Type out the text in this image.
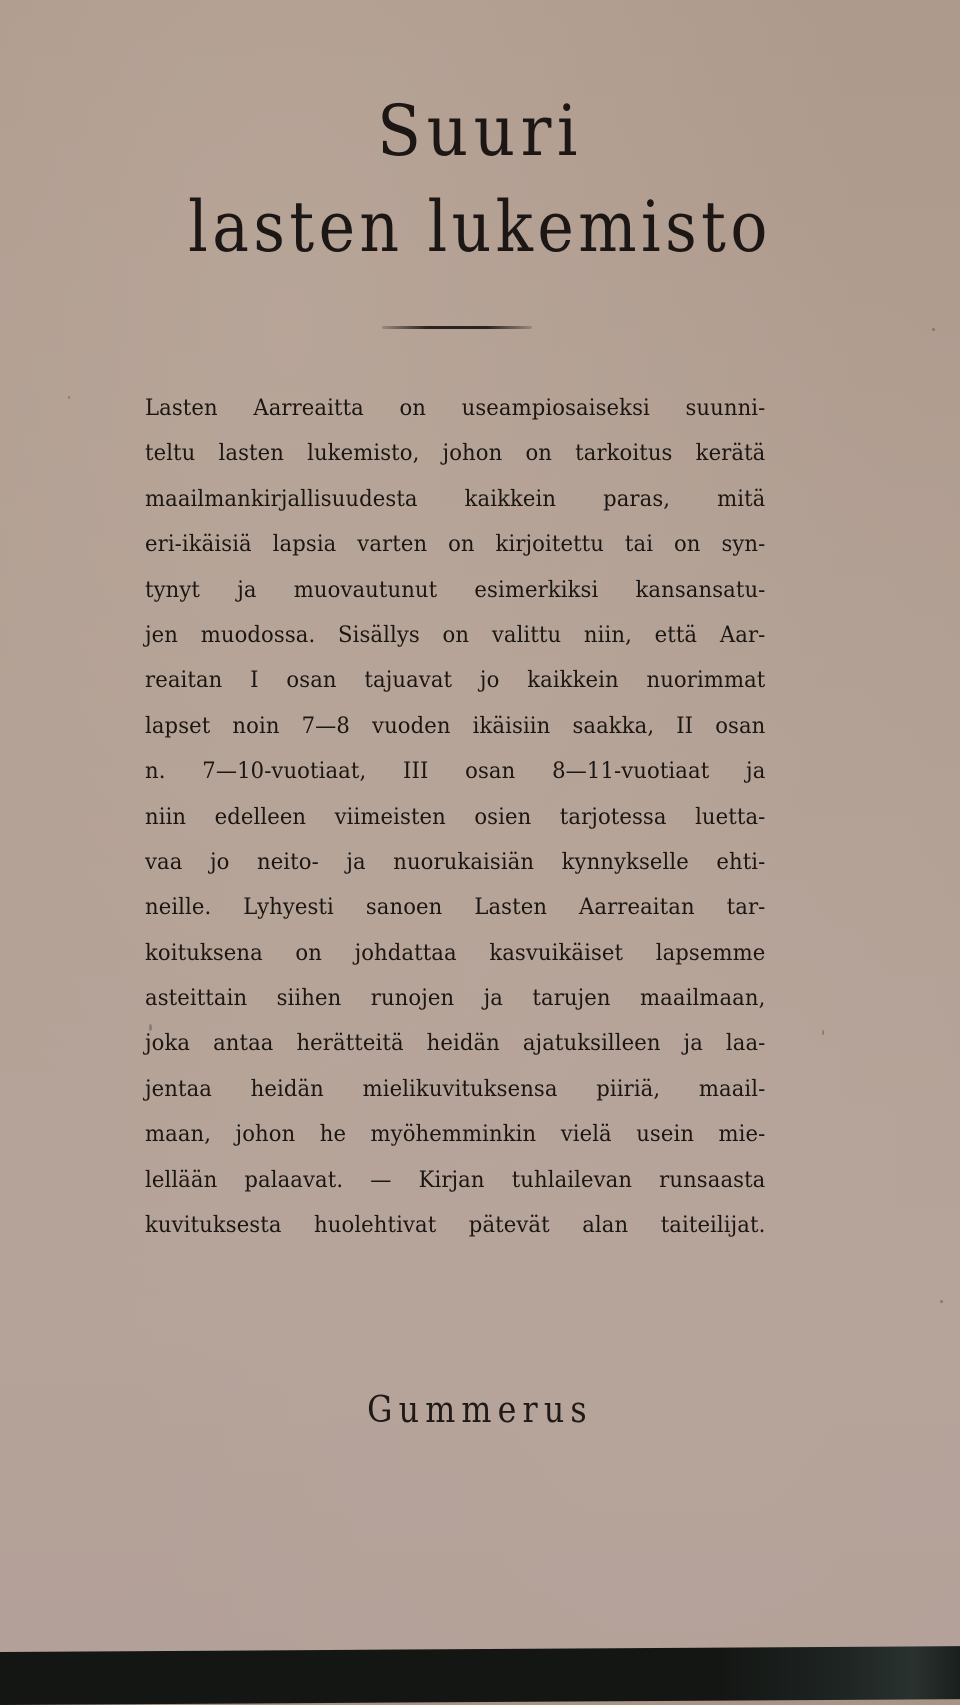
Suuri
lasten lukemisto
Lasten Aarreaitta on useampiosaiseksi suunni-
teltu lasten lukemisto, johon on tarkoitus kerätä
maailmankirjallisuudesta kaikkein paras, mitä
eri-ikäisiä lapsia varten on kirjoitettu tai on syn-
tynyt ja muovautunut esimerkiksi kansansatu-
jen muodossa. Sisällys on valittu niin, että Aar-
reaitan I osan tajuavat jo kaikkein nuorimmat
lapset noin 7—8 vuoden ikäisiin saakka, II osan
n. 7—10-vuotiaat, III osan 8—11-vuotiaat ja
niin edelleen viimeisten osien tarjotessa luetta-
vaa jo neito- ja nuorukaisiän kynnykselle ehti-
neille. Lyhyesti sanoen Lasten Aarreaitan tar-
koituksena on johdattaa kasvuikäiset lapsemme
asteittain siihen runojen ja tarujen maailmaan,
joka antaa herätteitä heidän ajatuksilleen ja laa-
jentaa heidän mielikuvituksensa piiriä, maail-
maan, johon he myöhemminkin vielä usein mie-
lellään palaavat. — Kirjan tuhlailevan runsaasta
kuvituksesta huolehtivat pätevät alan taiteilijat.
Gummerus
